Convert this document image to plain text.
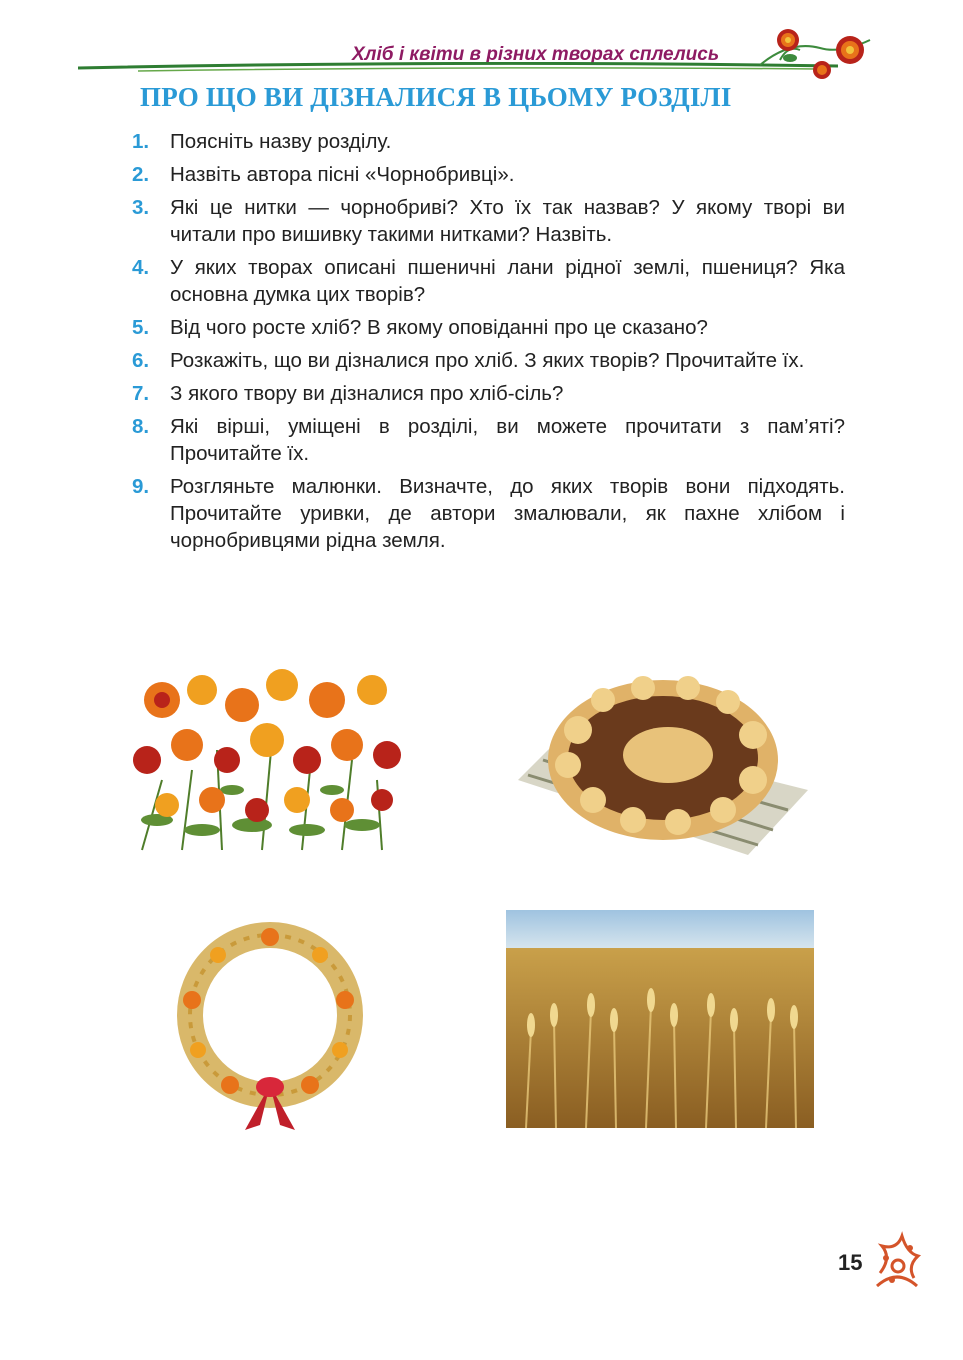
Хліб і квіти в різних творах сплелись
ПРО ЩО ВИ ДІЗНАЛИСЯ В ЦЬОМУ РОЗДІЛІ
1. Поясніть назву розділу.
2. Назвіть автора пісні «Чорнобривці».
3. Які це нитки — чорнобриві? Хто їх так назвав? У якому творі ви читали про вишивку такими нитками? Назвіть.
4. У яких творах описані пшеничні лани рідної землі, пшениця? Яка основна думка цих творів?
5. Від чого росте хліб? В якому оповіданні про це сказано?
6. Розкажіть, що ви дізналися про хліб. З яких творів? Прочитайте їх.
7. З якого твору ви дізналися про хліб-сіль?
8. Які вірші, уміщені в розділі, ви можете прочитати з пам’яті? Прочитайте їх.
9. Розгляньте малюнки. Визначте, до яких творів вони підходять. Прочитайте уривки, де автори змалювали, як пахне хлібом і чорнобривцями рідна земля.
15
